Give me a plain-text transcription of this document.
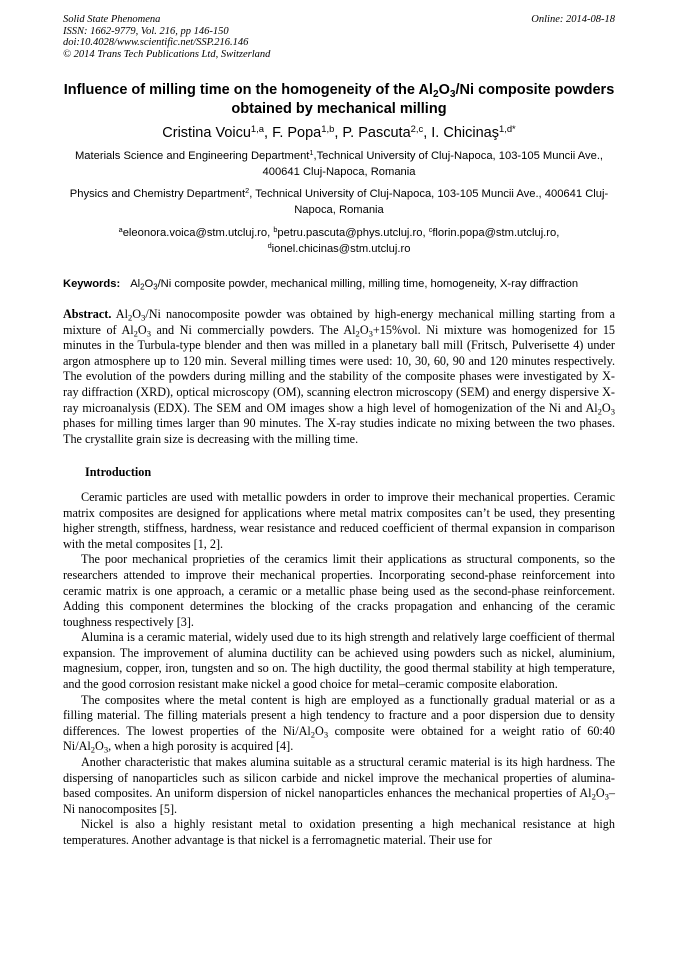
Solid State Phenomena
ISSN: 1662-9779, Vol. 216, pp 146-150
doi:10.4028/www.scientific.net/SSP.216.146
© 2014 Trans Tech Publications Ltd, Switzerland
Online: 2014-08-18
Influence of milling time on the homogeneity of the $Al_2O_3/Ni$ composite powders obtained by mechanical milling
Cristina Voicu$^{1,a}$, F. Popa$^{1,b}$, P. Pascuta$^{2,c}$, I. Chicinaş$^{1,d*}$
Materials Science and Engineering Department$^1$,Technical University of Cluj-Napoca, 103-105 Muncii Ave., 400641 Cluj-Napoca, Romania
Physics and Chemistry Department$^2$, Technical University of Cluj-Napoca, 103-105 Muncii Ave., 400641 Cluj-Napoca, Romania
$^a$eleonora.voica@stm.utcluj.ro, $^b$petru.pascuta@phys.utcluj.ro, $^c$florin.popa@stm.utcluj.ro,
$^d$ionel.chicinas@stm.utcluj.ro
Keywords: $Al_2O_3/Ni$ composite powder, mechanical milling, milling time, homogeneity, X-ray diffraction
Abstract. $Al_2O_3/Ni$ nanocomposite powder was obtained by high-energy mechanical milling starting from a mixture of $Al_2O_3$ and Ni commercially powders. The $Al_2O_3+15\%vol$. Ni mixture was homogenized for 15 minutes in the Turbula-type blender and then was milled in a planetary ball mill (Fritsch, Pulverisette 4) under argon atmosphere up to 120 min. Several milling times were used: 10, 30, 60, 90 and 120 minutes respectively. The evolution of the powders during milling and the stability of the composite phases were investigated by X-ray diffraction (XRD), optical microscopy (OM), scanning electron microscopy (SEM) and energy dispersive X-ray microanalysis (EDX). The SEM and OM images show a high level of homogenization of the Ni and $Al_2O_3$ phases for milling times larger than 90 minutes. The X-ray studies indicate no mixing between the two phases. The crystallite grain size is decreasing with the milling time.
Introduction

Ceramic particles are used with metallic powders in order to improve their mechanical properties. Ceramic matrix composites are designed for applications where metal matrix composites can’t be used, they presenting higher strength, stiffness, hardness, wear resistance and reduced coefficient of thermal expansion in comparison with the metal composites [1, 2].

The poor mechanical proprieties of the ceramics limit their applications as structural components, so the researchers attended to improve their mechanical properties. Incorporating second-phase reinforcement into ceramic matrix is one approach, a ceramic or a metallic phase being used as the second-phase reinforcement. Adding this component determines the blocking of the cracks propagation and enhancing of the ceramic toughness respectively [3].

Alumina is a ceramic material, widely used due to its high strength and relatively large coefficient of thermal expansion. The improvement of alumina ductility can be achieved using powders such as nickel, aluminium, magnesium, copper, iron, tungsten and so on. The high ductility, the good thermal stability at high temperature, and the good corrosion resistant make nickel a good choice for metal–ceramic composite elaboration.

The composites where the metal content is high are employed as a functionally gradual material or as a filling material. The filling materials present a high tendency to fracture and a poor dispersion due to density differences. The lowest properties of the $Ni/Al_2O_3$ composite were obtained for a weight ratio of 60:40 $Ni/Al_2O_3$, when a high porosity is acquired [4].

Another characteristic that makes alumina suitable as a structural ceramic material is its high hardness. The dispersing of nanoparticles such as silicon carbide and nickel improve the mechanical properties of alumina-based composites. An uniform dispersion of nickel nanoparticles enhances the mechanical properties of $Al_2O_3-Ni$ nanocomposites [5].

Nickel is also a highly resistant metal to oxidation presenting a high mechanical resistance at high temperatures. Another advantage is that nickel is a ferromagnetic material. Their use for
